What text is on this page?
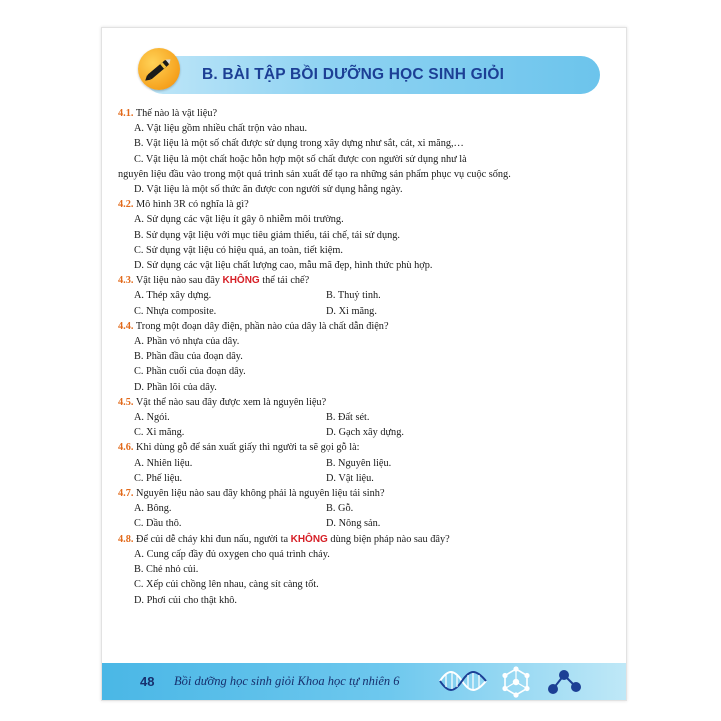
B. BÀI TẬP BỒI DƯỠNG HỌC SINH GIỎI
4.1. Thế nào là vật liệu?
A. Vật liệu gồm nhiều chất trộn vào nhau.
B. Vật liệu là một số chất được sử dụng trong xây dựng như sắt, cát, xi măng,…
C. Vật liệu là một chất hoặc hỗn hợp một số chất được con người sử dụng như là
nguyên liệu đầu vào trong một quá trình sản xuất để tạo ra những sản phẩm phục vụ cuộc sống.
D. Vật liệu là một số thức ăn được con người sử dụng hằng ngày.
4.2. Mô hình 3R có nghĩa là gì?
A. Sử dụng các vật liệu ít gây ô nhiễm môi trường.
B. Sử dụng vật liệu với mục tiêu giảm thiểu, tái chế, tái sử dụng.
C. Sử dụng vật liệu có hiệu quả, an toàn, tiết kiệm.
D. Sử dụng các vật liệu chất lượng cao, mẫu mã đẹp, hình thức phù hợp.
4.3. Vật liệu nào sau đây KHÔNG thể tái chế?
A. Thép xây dựng.	B. Thuỷ tinh.
C. Nhựa composite.	D. Xi măng.
4.4. Trong một đoạn dây điện, phần nào của dây là chất dẫn điện?
A. Phần vỏ nhựa của dây.
B. Phần đầu của đoạn dây.
C. Phần cuối của đoạn dây.
D. Phần lõi của dây.
4.5. Vật thể nào sau đây được xem là nguyên liệu?
A. Ngói.	B. Đất sét.
C. Xi măng.	D. Gạch xây dựng.
4.6. Khi dùng gỗ để sản xuất giấy thì người ta sẽ gọi gỗ là:
A. Nhiên liệu.	B. Nguyên liệu.
C. Phế liệu.	D. Vật liệu.
4.7. Nguyên liệu nào sau đây không phải là nguyên liệu tái sinh?
A. Bông.	B. Gỗ.
C. Dầu thô.	D. Nông sản.
4.8. Để củi dễ cháy khi đun nấu, người ta KHÔNG dùng biện pháp nào sau đây?
A. Cung cấp đầy đủ oxygen cho quá trình cháy.
B. Chẻ nhỏ củi.
C. Xếp củi chồng lên nhau, càng sít càng tốt.
D. Phơi củi cho thật khô.
48 Bồi dưỡng học sinh giỏi Khoa học tự nhiên 6
